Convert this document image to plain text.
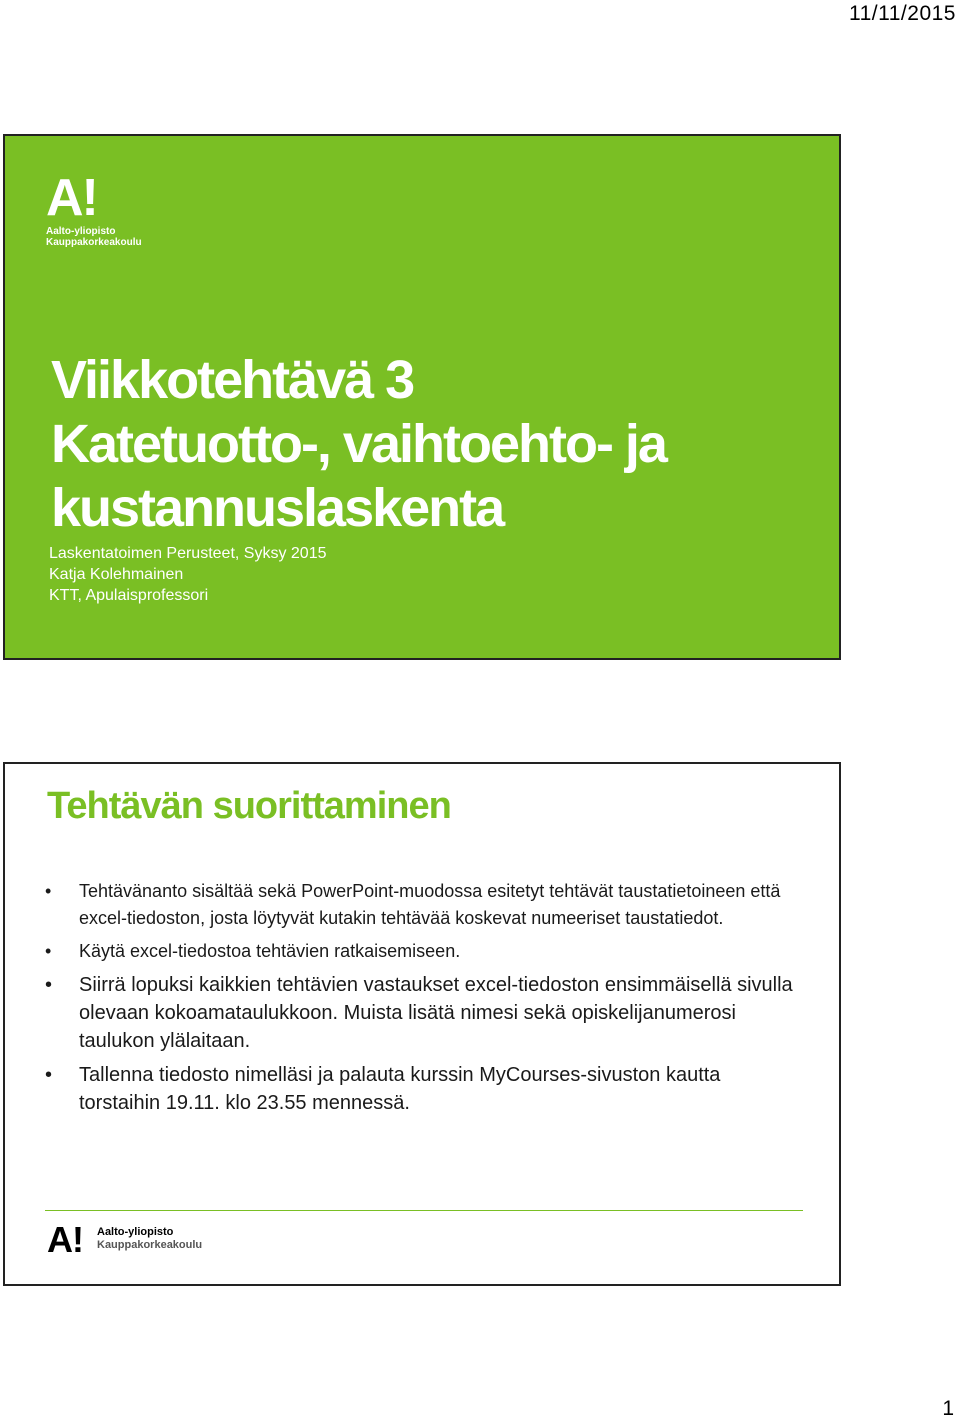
11/11/2015
A!
Aalto-yliopisto
Kauppakorkeakoulu
Viikkotehtävä 3
Katetuotto-, vaihtoehto- ja
kustannuslaskenta
Laskentatoimen Perusteet, Syksy 2015
Katja Kolehmainen
KTT, Apulaisprofessori
Tehtävän suorittaminen
• Tehtävänanto sisältää sekä PowerPoint-muodossa esitetyt tehtävät taustatietoineen että excel-tiedoston, josta löytyvät kutakin tehtävää koskevat numeeriset taustatiedot.
• Käytä excel-tiedostoa tehtävien ratkaisemiseen.
• Siirrä lopuksi kaikkien tehtävien vastaukset excel-tiedoston ensimmäisellä sivulla olevaan kokoamataulukkoon. Muista lisätä nimesi sekä opiskelijanumerosi taulukon ylälaitaan.
• Tallenna tiedosto nimelläsi ja palauta kurssin MyCourses-sivuston kautta torstaihin 19.11. klo 23.55 mennessä.
A! Aalto-yliopisto
Kauppakorkeakoulu
1
